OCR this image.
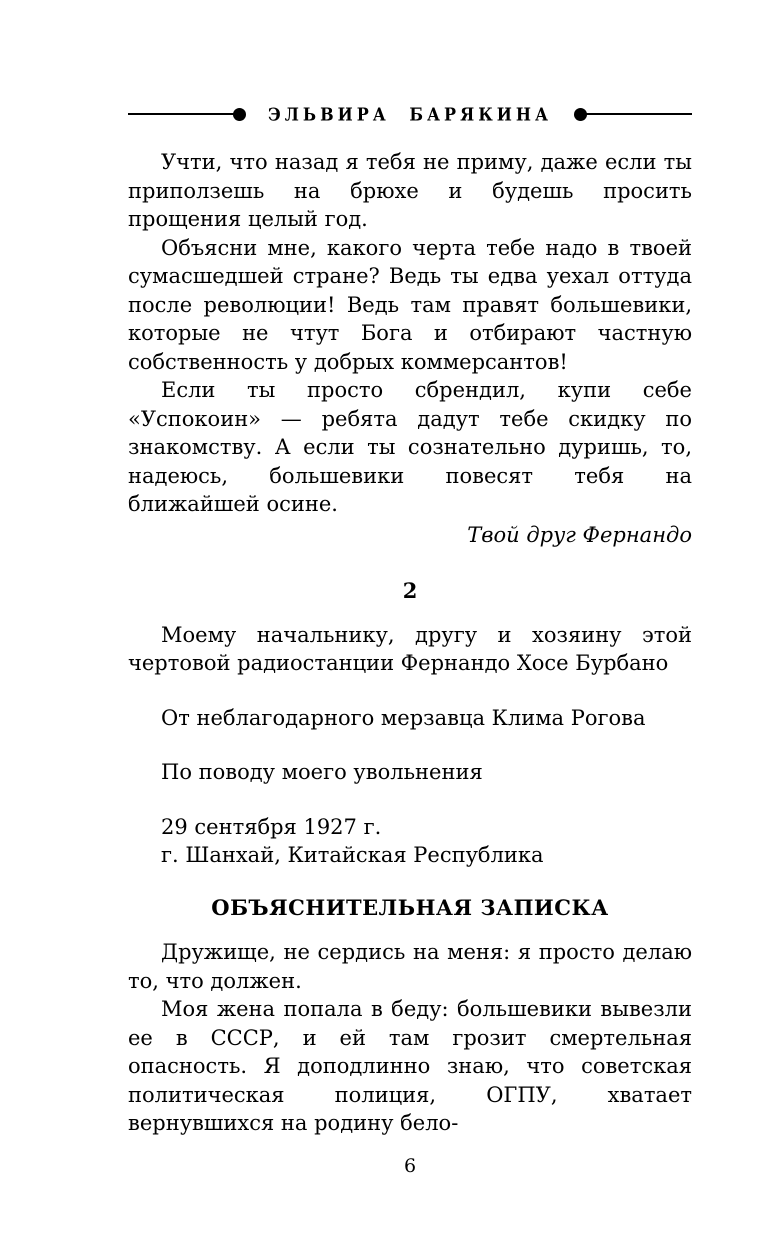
ЭЛЬВИРА БАРЯКИНА

Учти, что назад я тебя не приму, даже если ты приползешь на брюхе и будешь просить прощения целый год.

Объясни мне, какого черта тебе надо в твоей сумасшедшей стране? Ведь ты едва уехал оттуда после революции! Ведь там правят большевики, которые не чтут Бога и отбирают частную собственность у добрых коммерсантов!

Если ты просто сбрендил, купи себе «Успокоин» — ребята дадут тебе скидку по знакомству. А если ты сознательно дуришь, то, надеюсь, большевики повесят тебя на ближайшей осине.

Твой друг Фернандо

2

Моему начальнику, другу и хозяину этой чертовой радиостанции Фернандо Хосе Бурбано

От неблагодарного мерзавца Клима Рогова

По поводу моего увольнения

29 сентября 1927 г.

г. Шанхай, Китайская Республика

ОБЪЯСНИТЕЛЬНАЯ ЗАПИСКА

Дружище, не сердись на меня: я просто делаю то, что должен.

Моя жена попала в беду: большевики вывезли ее в СССР, и ей там грозит смертельная опасность. Я доподлинно знаю, что советская политическая полиция, ОГПУ, хватает вернувшихся на родину бело-

6
